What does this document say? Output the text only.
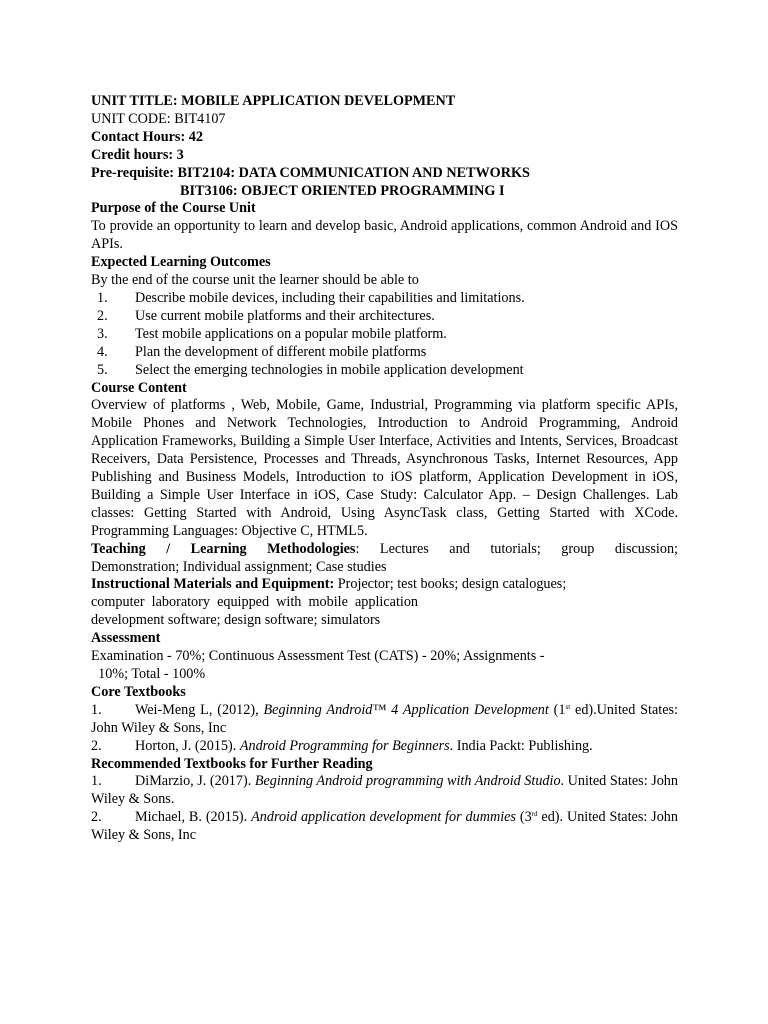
UNIT TITLE: MOBILE APPLICATION DEVELOPMENT
UNIT CODE: BIT4107
Contact Hours: 42
Credit hours: 3
Pre-requisite: BIT2104: DATA COMMUNICATION AND NETWORKS
BIT3106: OBJECT ORIENTED PROGRAMMING I
Purpose of the Course Unit
To provide an opportunity to learn and develop basic, Android applications, common Android and IOS APIs.
Expected Learning Outcomes
By the end of the course unit the learner should be able to
1.	Describe mobile devices, including their capabilities and limitations.
2.	Use current mobile platforms and their architectures.
3.	Test mobile applications on a popular mobile platform.
4.	Plan the development of different mobile platforms
5.	Select the emerging technologies in mobile application development
Course Content
Overview of platforms , Web, Mobile, Game, Industrial, Programming via platform specific APIs, Mobile Phones and Network Technologies, Introduction to Android Programming, Android Application Frameworks, Building a Simple User Interface, Activities and Intents, Services, Broadcast Receivers, Data Persistence, Processes and Threads, Asynchronous Tasks, Internet Resources, App Publishing and Business Models, Introduction to iOS platform, Application Development in iOS, Building a Simple User Interface in iOS, Case Study: Calculator App. – Design Challenges. Lab classes: Getting Started with Android, Using AsyncTask class, Getting Started with XCode. Programming Languages: Objective C, HTML5.
Teaching / Learning Methodologies: Lectures and tutorials; group discussion;
Demonstration; Individual assignment; Case studies
Instructional Materials and Equipment: Projector; test books; design catalogues;
computer  laboratory  equipped  with  mobile  application
development software; design software; simulators
Assessment
Examination - 70%; Continuous Assessment Test (CATS) - 20%; Assignments -
10%; Total - 100%
Core Textbooks
1. Wei-Meng L, (2012), Beginning Android™ 4 Application Development (1st ed).United States: John Wiley & Sons, Inc
2. Horton, J. (2015). Android Programming for Beginners. India Packt: Publishing.
Recommended Textbooks for Further Reading
1. DiMarzio, J. (2017). Beginning Android programming with Android Studio. United States: John Wiley & Sons.
2. Michael, B. (2015). Android application development for dummies (3rd ed). United States: John Wiley & Sons, Inc
